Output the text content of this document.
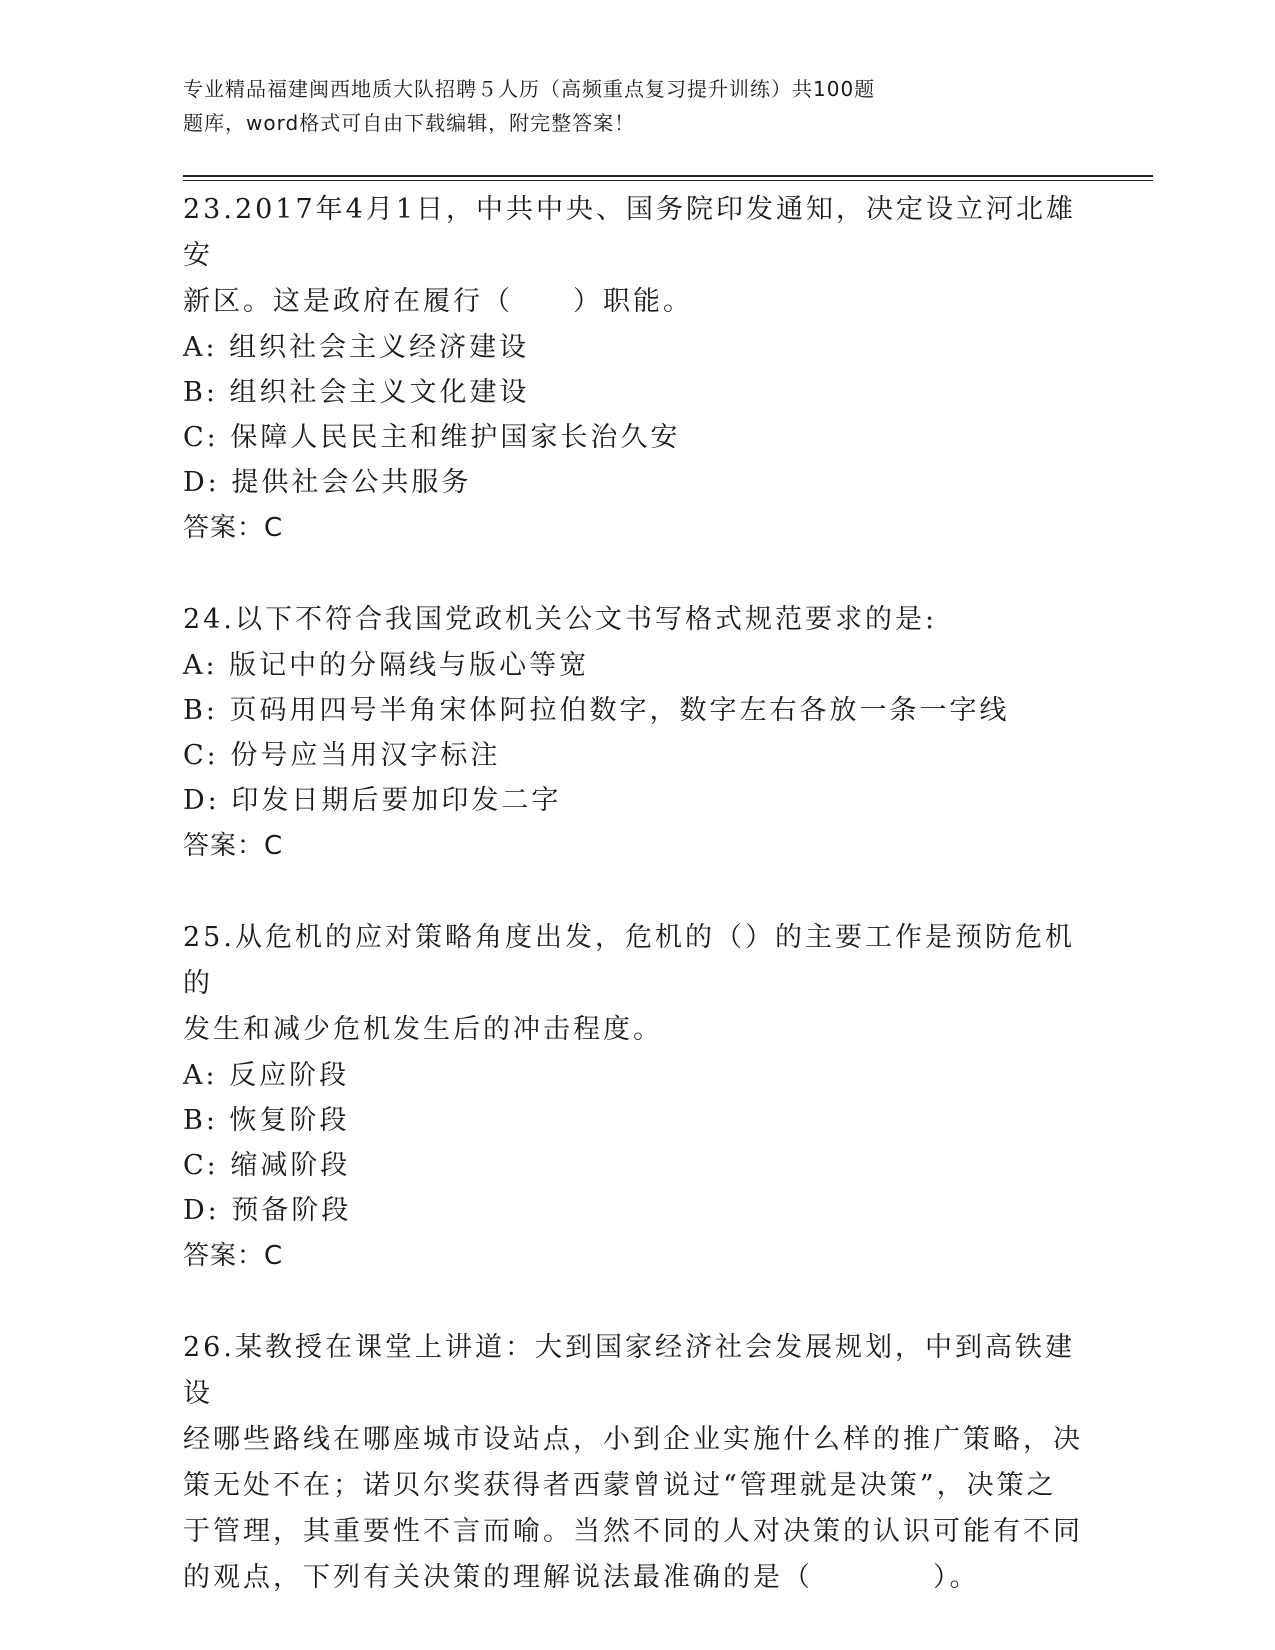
专业精品福建闽西地质大队招聘５人历（高频重点复习提升训练）共100题
题库，word格式可自由下载编辑，附完整答案！

23.2017年4月1日，中共中央、国务院印发通知，决定设立河北雄安

新区。这是政府在履行（　　）职能。

A: 组织社会主义经济建设

B: 组织社会主义文化建设

C: 保障人民民主和维护国家长治久安

D: 提供社会公共服务

答案：C

24.以下不符合我国党政机关公文书写格式规范要求的是:

A: 版记中的分隔线与版心等宽

B: 页码用四号半角宋体阿拉伯数字，数字左右各放一条一字线

C: 份号应当用汉字标注

D: 印发日期后要加印发二字

答案：C

25.从危机的应对策略角度出发，危机的（）的主要工作是预防危机的

发生和减少危机发生后的冲击程度。

A: 反应阶段

B: 恢复阶段

C: 缩减阶段

D: 预备阶段

答案：C

26.某教授在课堂上讲道：大到国家经济社会发展规划，中到高铁建设

经哪些路线在哪座城市设站点，小到企业实施什么样的推广策略，决

策无处不在；诺贝尔奖获得者西蒙曾说过“管理就是决策”，决策之

于管理，其重要性不言而喻。当然不同的人对决策的认识可能有不同

的观点，下列有关决策的理解说法最准确的是（　　　　）。
